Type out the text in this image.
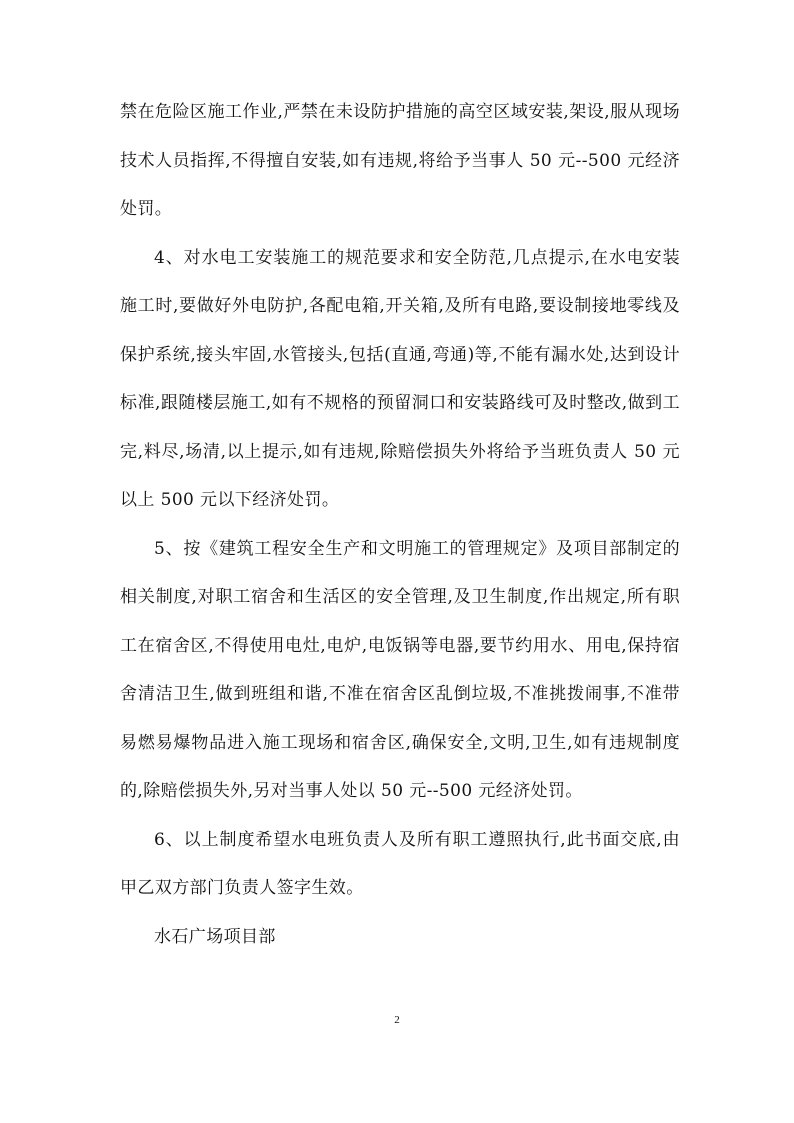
禁在危险区施工作业,严禁在未设防护措施的高空区域安装,架设,服从现场技术人员指挥,不得擅自安装,如有违规,将给予当事人 50 元--500 元经济处罚。

4、对水电工安装施工的规范要求和安全防范,几点提示,在水电安装施工时,要做好外电防护,各配电箱,开关箱,及所有电路,要设制接地零线及保护系统,接头牢固,水管接头,包括(直通,弯通)等,不能有漏水处,达到设计标准,跟随楼层施工,如有不规格的预留洞口和安装路线可及时整改,做到工完,料尽,场清,以上提示,如有违规,除赔偿损失外将给予当班负责人 50 元以上 500 元以下经济处罚。

5、按《建筑工程安全生产和文明施工的管理规定》及项目部制定的相关制度,对职工宿舍和生活区的安全管理,及卫生制度,作出规定,所有职工在宿舍区,不得使用电灶,电炉,电饭锅等电器,要节约用水、用电,保持宿舍清洁卫生,做到班组和谐,不准在宿舍区乱倒垃圾,不准挑拨闹事,不准带易燃易爆物品进入施工现场和宿舍区,确保安全,文明,卫生,如有违规制度的,除赔偿损失外,另对当事人处以 50 元--500 元经济处罚。

6、以上制度希望水电班负责人及所有职工遵照执行,此书面交底,由甲乙双方部门负责人签字生效。

水石广场项目部

2
